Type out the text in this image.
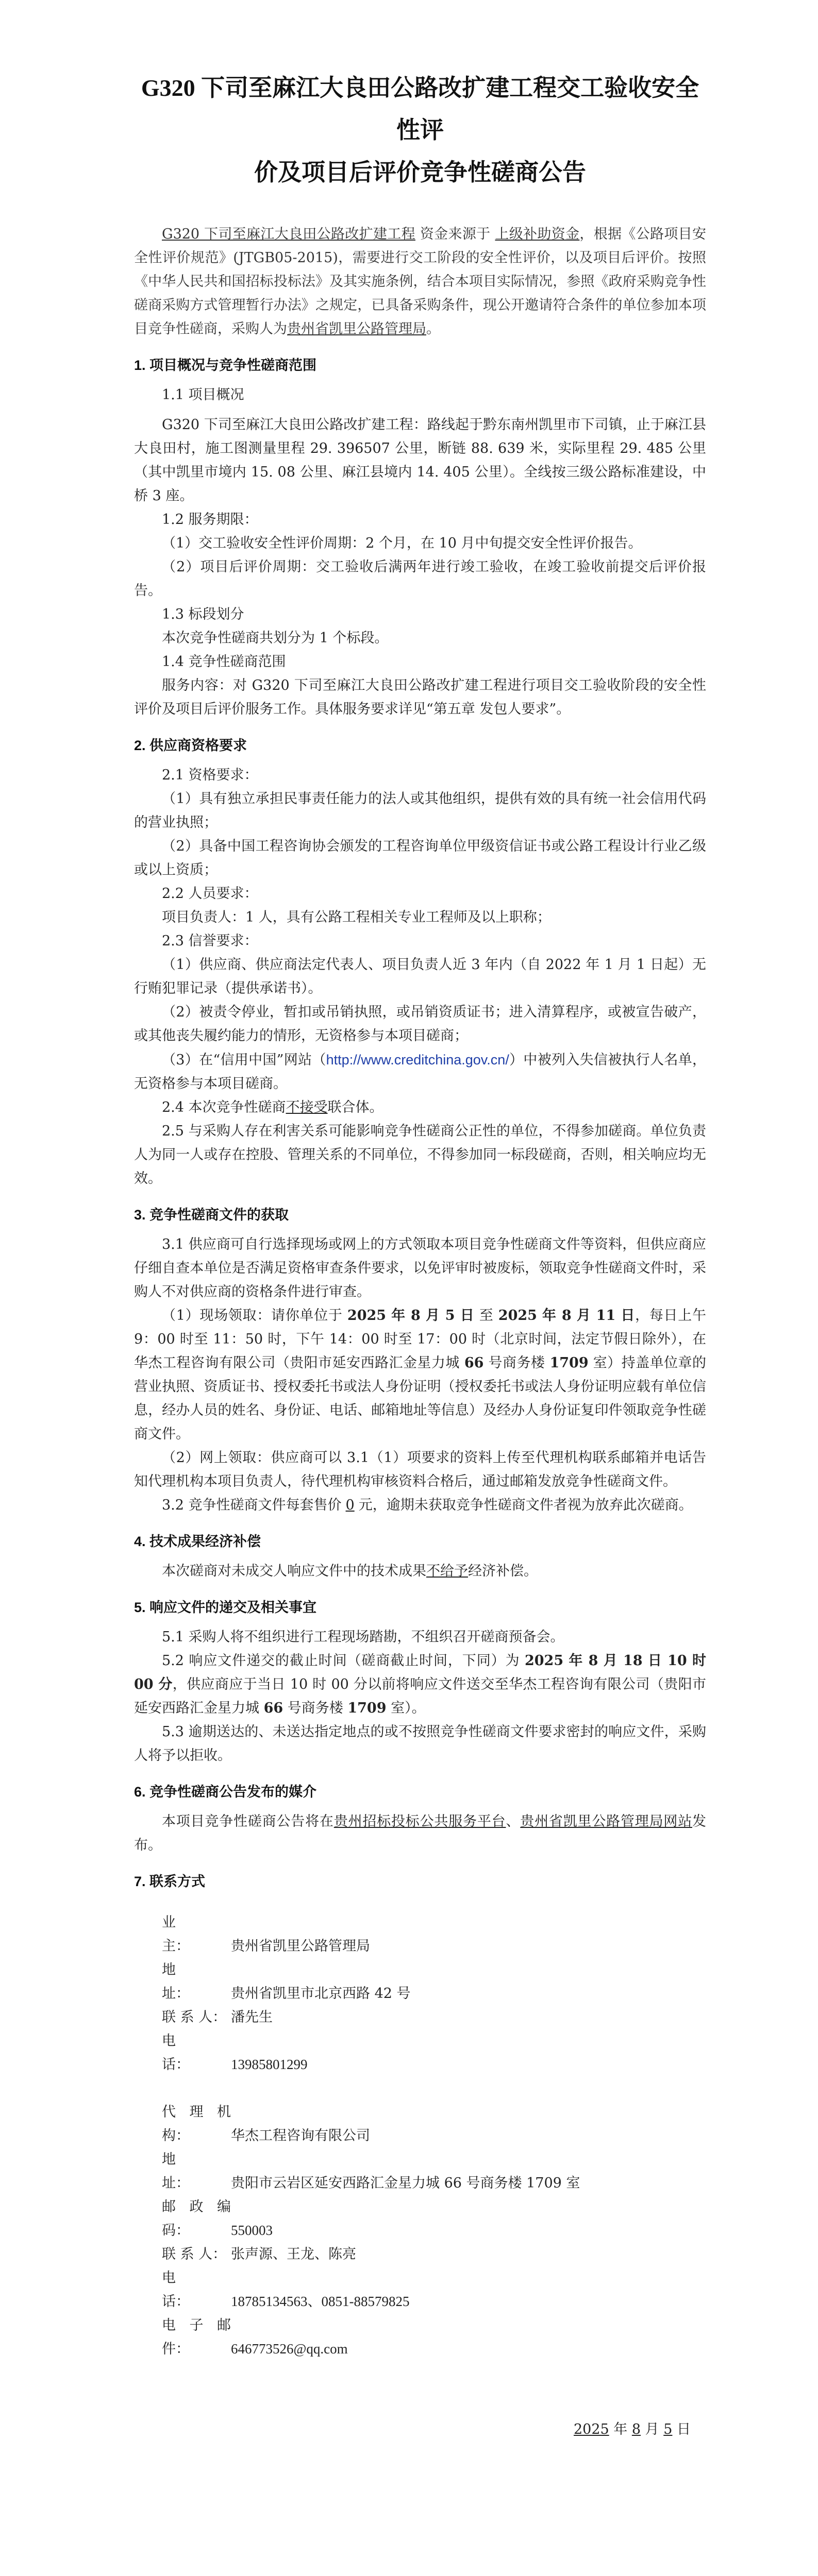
G320 下司至麻江大良田公路改扩建工程交工验收安全性评
价及项目后评价竞争性磋商公告

G320 下司至麻江大良田公路改扩建工程 资金来源于 上级补助资金，根据《公路项目安全性评价规范》(JTGB05-2015)，需要进行交工阶段的安全性评价，以及项目后评价。按照《中华人民共和国招标投标法》及其实施条例，结合本项目实际情况，参照《政府采购竞争性磋商采购方式管理暂行办法》之规定，已具备采购条件，现公开邀请符合条件的单位参加本项目竞争性磋商，采购人为贵州省凯里公路管理局。

1. 项目概况与竞争性磋商范围

1.1 项目概况

G320 下司至麻江大良田公路改扩建工程：路线起于黔东南州凯里市下司镇，止于麻江县大良田村，施工图测量里程 29. 396507 公里，断链 88. 639 米，实际里程 29. 485 公里（其中凯里市境内 15. 08 公里、麻江县境内 14. 405 公里）。全线按三级公路标准建设，中桥 3 座。

1.2 服务期限：

（1）交工验收安全性评价周期：2 个月，在 10 月中旬提交安全性评价报告。

（2）项目后评价周期：交工验收后满两年进行竣工验收，在竣工验收前提交后评价报告。

1.3 标段划分

本次竞争性磋商共划分为 1 个标段。

1.4 竞争性磋商范围

服务内容：对 G320 下司至麻江大良田公路改扩建工程进行项目交工验收阶段的安全性评价及项目后评价服务工作。具体服务要求详见“第五章 发包人要求”。

2. 供应商资格要求

2.1 资格要求：

（1）具有独立承担民事责任能力的法人或其他组织，提供有效的具有统一社会信用代码的营业执照；

（2）具备中国工程咨询协会颁发的工程咨询单位甲级资信证书或公路工程设计行业乙级或以上资质；

2.2 人员要求：

项目负责人：1 人，具有公路工程相关专业工程师及以上职称；

2.3 信誉要求：

（1）供应商、供应商法定代表人、项目负责人近 3 年内（自 2022 年 1 月 1 日起）无行贿犯罪记录（提供承诺书）。

（2）被责令停业，暂扣或吊销执照，或吊销资质证书；进入清算程序，或被宣告破产，或其他丧失履约能力的情形，无资格参与本项目磋商；

（3）在“信用中国”网站（http://www.creditchina.gov.cn/）中被列入失信被执行人名单，无资格参与本项目磋商。

2.4 本次竞争性磋商不接受联合体。

2.5 与采购人存在利害关系可能影响竞争性磋商公正性的单位，不得参加磋商。单位负责人为同一人或存在控股、管理关系的不同单位，不得参加同一标段磋商，否则，相关响应均无效。

3. 竞争性磋商文件的获取

3.1 供应商可自行选择现场或网上的方式领取本项目竞争性磋商文件等资料，但供应商应仔细自查本单位是否满足资格审查条件要求，以免评审时被废标，领取竞争性磋商文件时，采购人不对供应商的资格条件进行审查。

（1）现场领取：请你单位于 2025 年 8 月 5 日 至 2025 年 8 月 11 日，每日上午 9：00 时至 11：50 时，下午 14：00 时至 17：00 时（北京时间，法定节假日除外），在华杰工程咨询有限公司（贵阳市延安西路汇金星力城 66 号商务楼 1709 室）持盖单位章的营业执照、资质证书、授权委托书或法人身份证明（授权委托书或法人身份证明应载有单位信息，经办人员的姓名、身份证、电话、邮箱地址等信息）及经办人身份证复印件领取竞争性磋商文件。

（2）网上领取：供应商可以 3.1（1）项要求的资料上传至代理机构联系邮箱并电话告知代理机构本项目负责人，待代理机构审核资料合格后，通过邮箱发放竞争性磋商文件。

3.2 竞争性磋商文件每套售价 0 元，逾期未获取竞争性磋商文件者视为放弃此次磋商。

4. 技术成果经济补偿

本次磋商对未成交人响应文件中的技术成果不给予经济补偿。

5. 响应文件的递交及相关事宜

5.1 采购人将不组织进行工程现场踏勘，不组织召开磋商预备会。

5.2 响应文件递交的截止时间（磋商截止时间，下同）为 2025 年 8 月 18 日 10 时 00 分，供应商应于当日 10 时 00 分以前将响应文件送交至华杰工程咨询有限公司（贵阳市延安西路汇金星力城 66 号商务楼 1709 室）。

5.3 逾期送达的、未送达指定地点的或不按照竞争性磋商文件要求密封的响应文件，采购人将予以拒收。

6. 竞争性磋商公告发布的媒介

本项目竞争性磋商公告将在贵州招标投标公共服务平台、贵州省凯里公路管理局网站发布。

7. 联系方式

业　　主：	贵州省凯里公路管理局

地　　址：	贵州省凯里市北京西路 42 号

联 系 人： 潘先生

电　　话：	13985801299

代理机构：	华杰工程咨询有限公司

地　　址：	贵阳市云岩区延安西路汇金星力城 66 号商务楼 1709 室

邮政编码：	550003

联 系 人： 张声源、王龙、陈亮

电　　话：	18785134563、0851-88579825

电子邮件：	646773526@qq.com

2025 年 8 月 5 日
